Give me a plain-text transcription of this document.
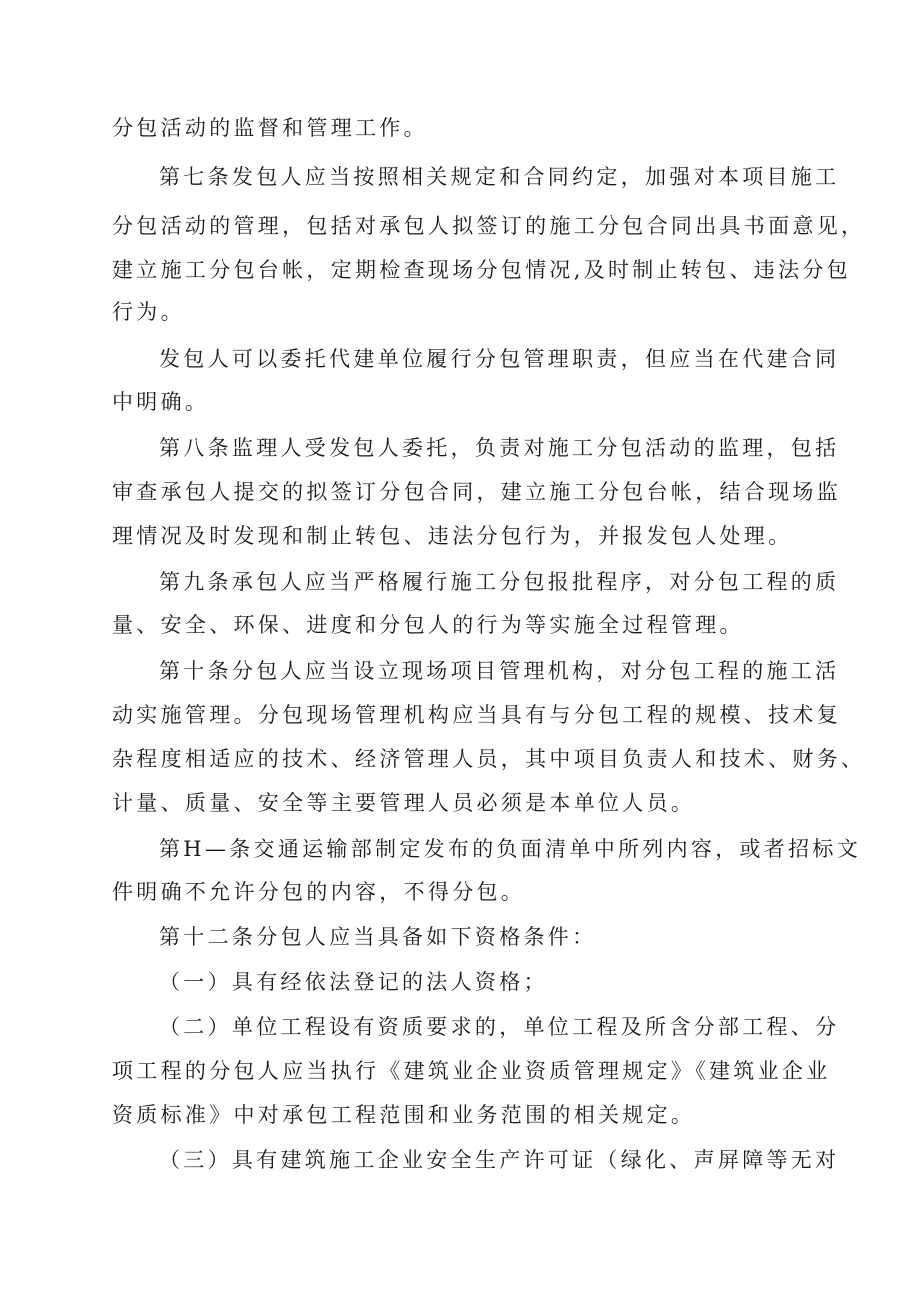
分包活动的监督和管理工作。
第七条发包人应当按照相关规定和合同约定，加强对本项目施工
分包活动的管理，包括对承包人拟签订的施工分包合同出具书面意见，
建立施工分包台帐，定期检查现场分包情况,及时制止转包、违法分包
行为。
发包人可以委托代建单位履行分包管理职责，但应当在代建合同
中明确。
第八条监理人受发包人委托，负责对施工分包活动的监理，包括
审查承包人提交的拟签订分包合同，建立施工分包台帐，结合现场监
理情况及时发现和制止转包、违法分包行为，并报发包人处理。
第九条承包人应当严格履行施工分包报批程序，对分包工程的质
量、安全、环保、进度和分包人的行为等实施全过程管理。
第十条分包人应当设立现场项目管理机构，对分包工程的施工活
动实施管理。分包现场管理机构应当具有与分包工程的规模、技术复
杂程度相适应的技术、经济管理人员，其中项目负责人和技术、财务、
计量、质量、安全等主要管理人员必须是本单位人员。
第H—条交通运输部制定发布的负面清单中所列内容，或者招标文
件明确不允许分包的内容，不得分包。
第十二条分包人应当具备如下资格条件：
（一）具有经依法登记的法人资格；
（二）单位工程设有资质要求的，单位工程及所含分部工程、分
项工程的分包人应当执行《建筑业企业资质管理规定》《建筑业企业
资质标准》中对承包工程范围和业务范围的相关规定。
（三）具有建筑施工企业安全生产许可证（绿化、声屏障等无对
